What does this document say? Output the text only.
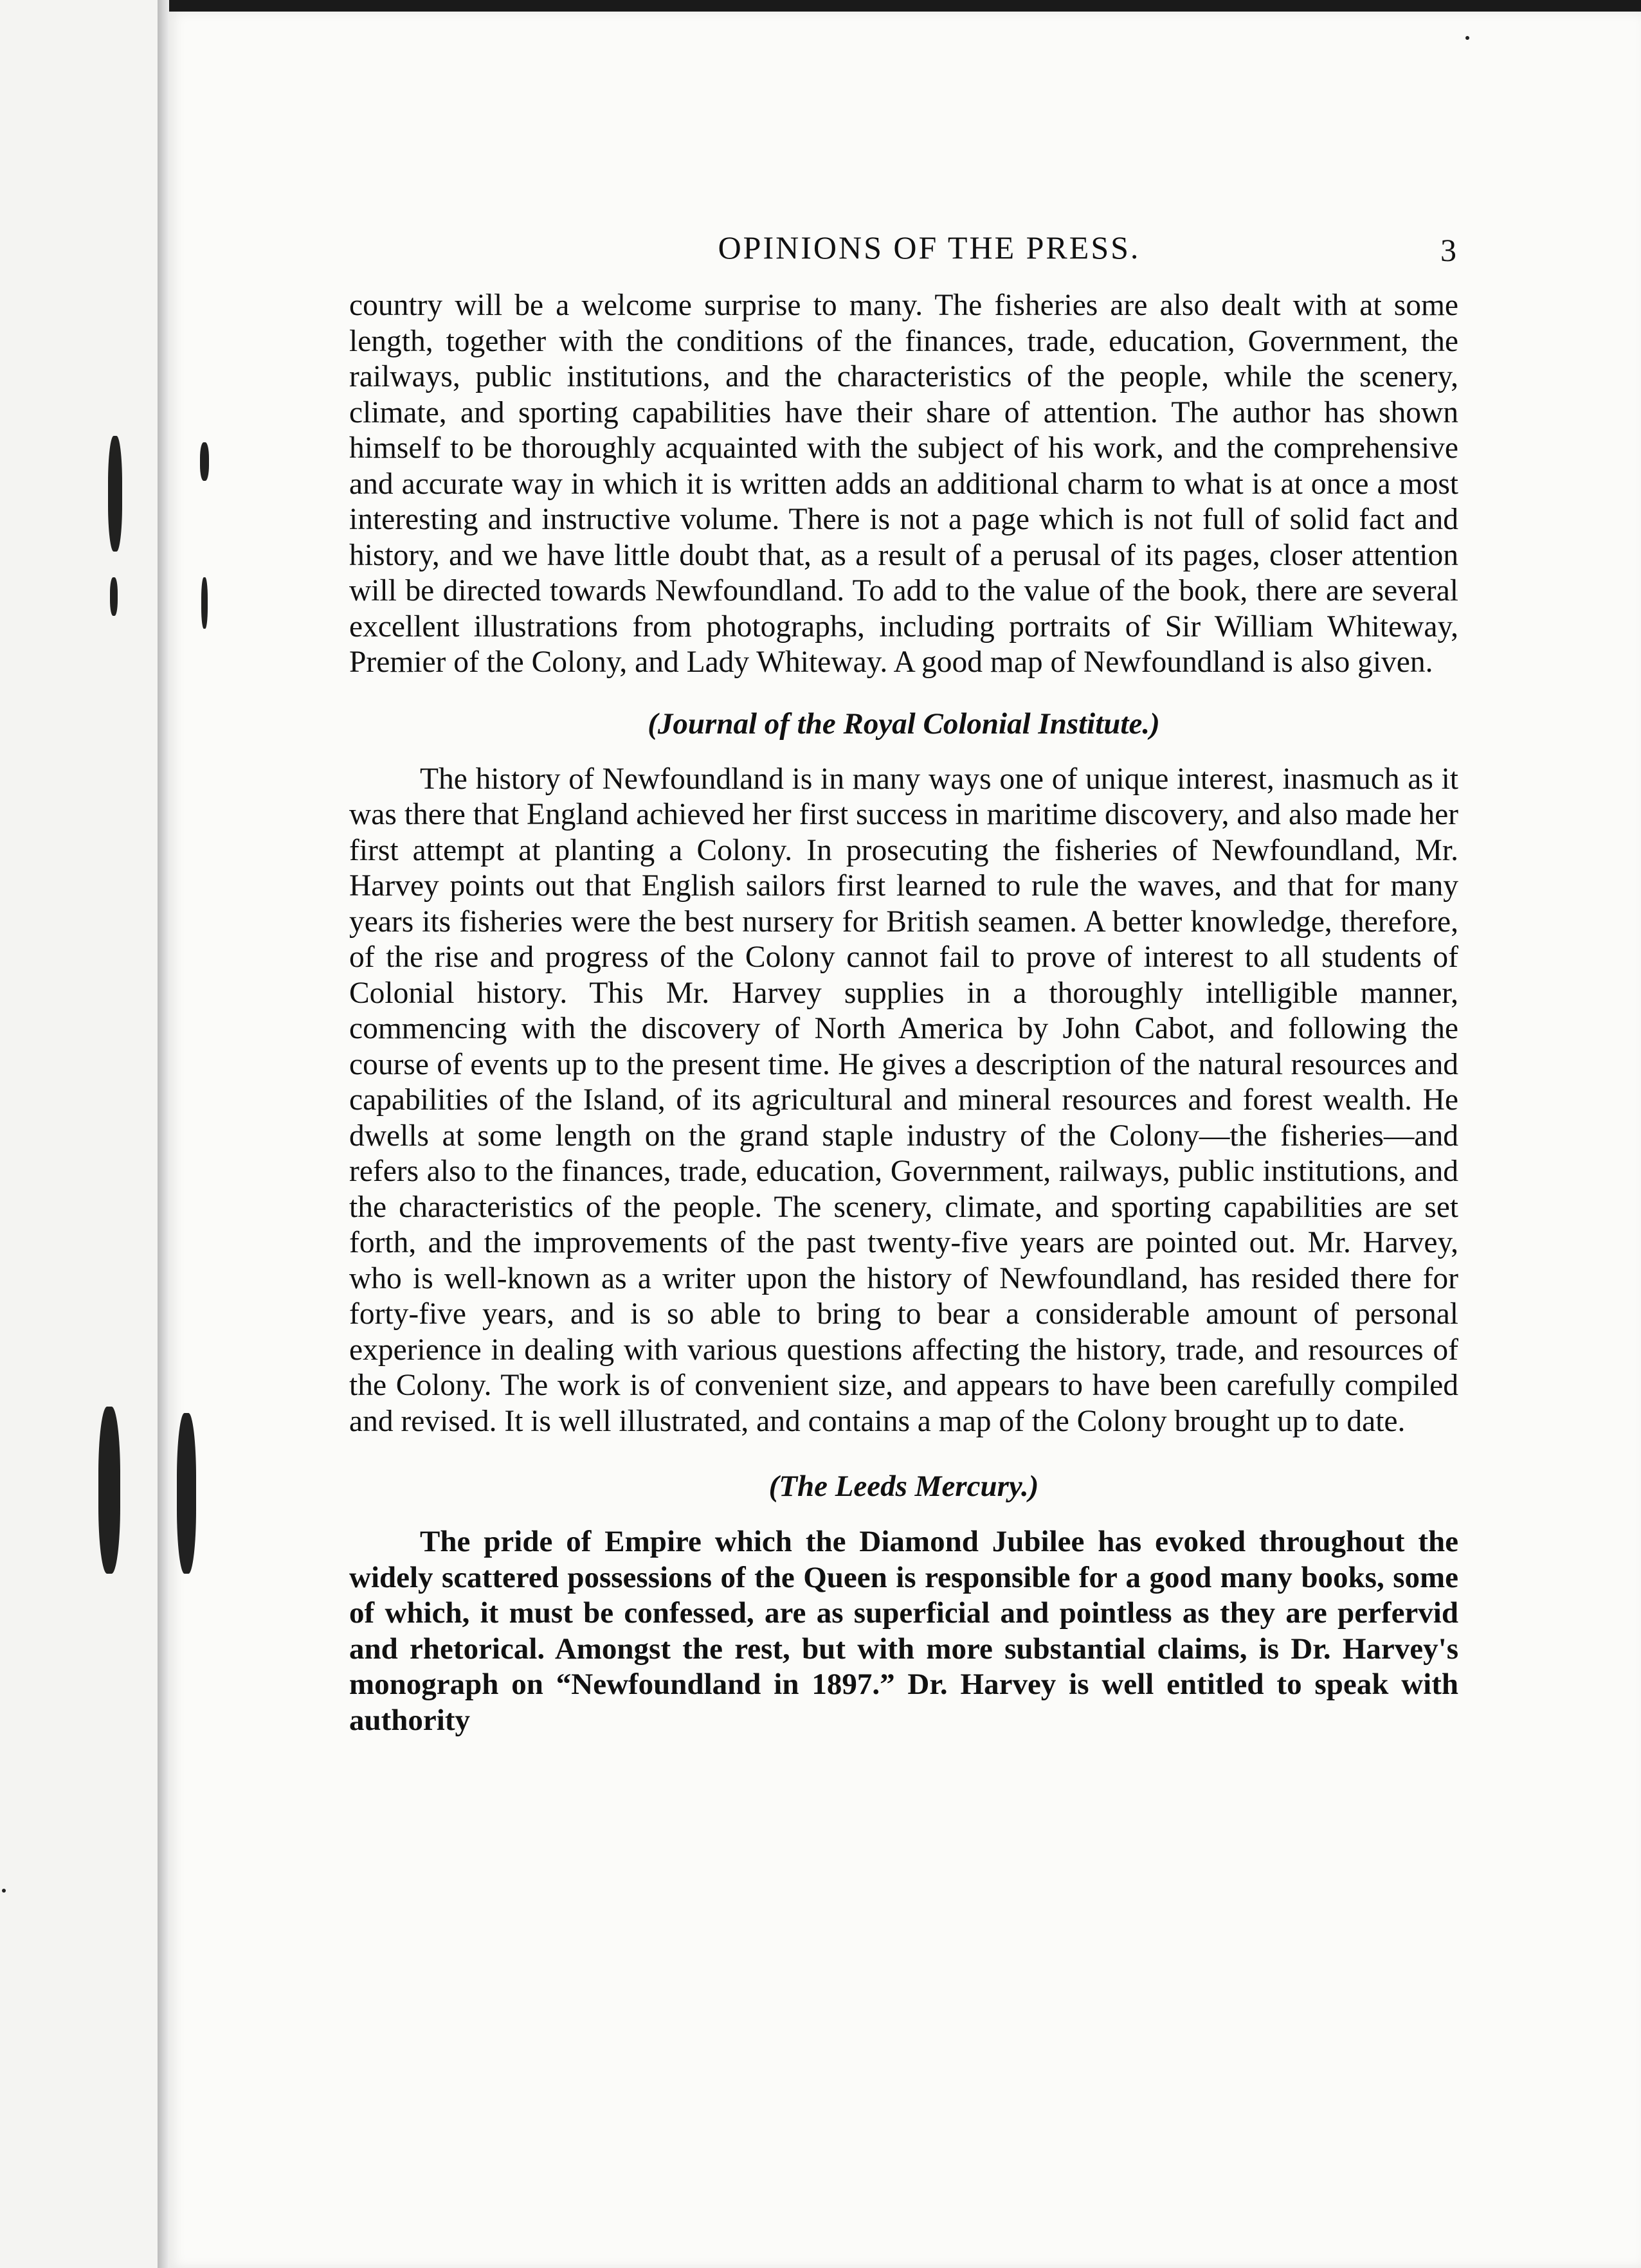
OPINIONS OF THE PRESS.	3

country will be a welcome surprise to many. The fisheries are also dealt with at some length, together with the conditions of the finances, trade, education, Government, the railways, public institutions, and the characteristics of the people, while the scenery, climate, and sporting capabilities have their share of attention. The author has shown himself to be thoroughly acquainted with the subject of his work, and the comprehensive and accurate way in which it is written adds an additional charm to what is at once a most interesting and instructive volume. There is not a page which is not full of solid fact and history, and we have little doubt that, as a result of a perusal of its pages, closer attention will be directed towards Newfoundland. To add to the value of the book, there are several excellent illustrations from photographs, including portraits of Sir William Whiteway, Premier of the Colony, and Lady Whiteway. A good map of Newfoundland is also given.

(Journal of the Royal Colonial Institute.)

The history of Newfoundland is in many ways one of unique interest, inasmuch as it was there that England achieved her first success in maritime discovery, and also made her first attempt at planting a Colony. In prosecuting the fisheries of Newfoundland, Mr. Harvey points out that English sailors first learned to rule the waves, and that for many years its fisheries were the best nursery for British seamen. A better knowledge, therefore, of the rise and progress of the Colony cannot fail to prove of interest to all students of Colonial history. This Mr. Harvey supplies in a thoroughly intelligible manner, commencing with the discovery of North America by John Cabot, and following the course of events up to the present time. He gives a description of the natural resources and capabilities of the Island, of its agricultural and mineral resources and forest wealth. He dwells at some length on the grand staple industry of the Colony—the fisheries—and refers also to the finances, trade, education, Government, railways, public institutions, and the characteristics of the people. The scenery, climate, and sporting capabilities are set forth, and the improvements of the past twenty-five years are pointed out. Mr. Harvey, who is well-known as a writer upon the history of Newfoundland, has resided there for forty-five years, and is so able to bring to bear a considerable amount of personal experience in dealing with various questions affecting the history, trade, and resources of the Colony. The work is of convenient size, and appears to have been carefully compiled and revised. It is well illustrated, and contains a map of the Colony brought up to date.

(The Leeds Mercury.)

The pride of Empire which the Diamond Jubilee has evoked throughout the widely scattered possessions of the Queen is responsible for a good many books, some of which, it must be confessed, are as superficial and pointless as they are perfervid and rhetorical. Amongst the rest, but with more substantial claims, is Dr. Harvey's monograph on “Newfoundland in 1897.” Dr. Harvey is well entitled to speak with authority
